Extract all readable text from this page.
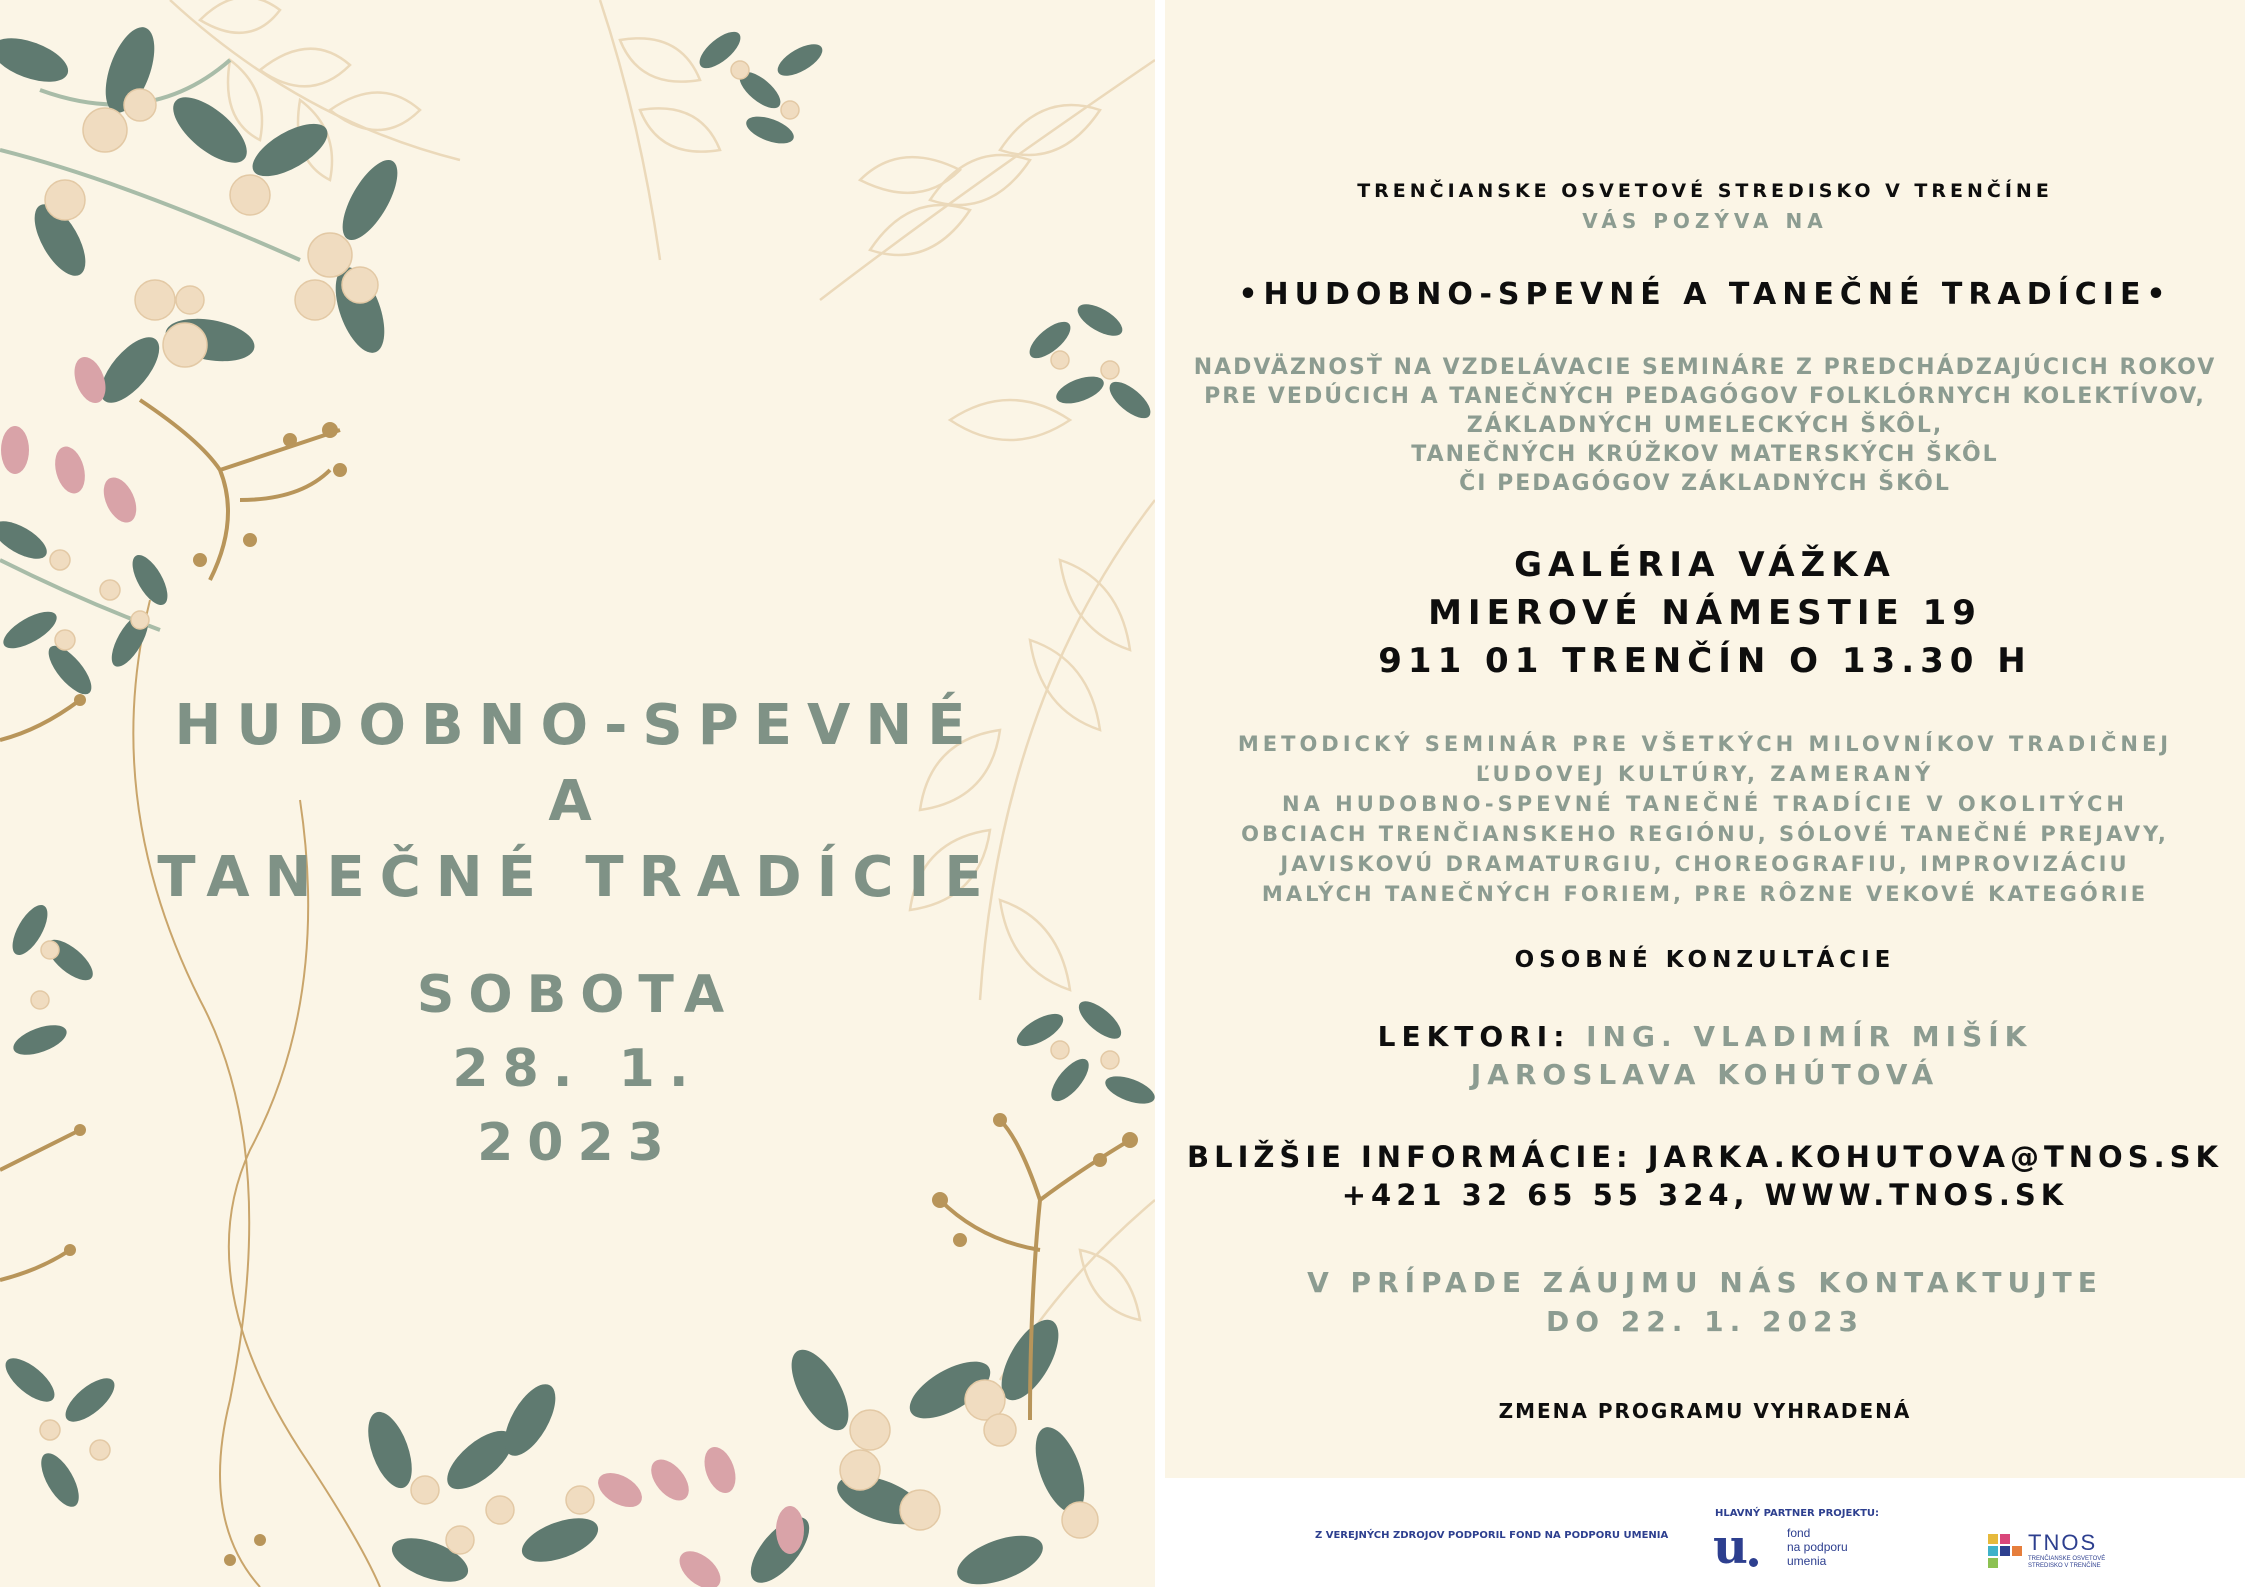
HUDOBNO-SPEVNÉ
A
TANEČNÉ TRADÍCIE
SOBOTA
28. 1.
2023
TRENČIANSKE OSVETOVÉ STREDISKO V TRENČÍNE
VÁS POZÝVA NA
•HUDOBNO-SPEVNÉ A TANEČNÉ TRADÍCIE•
NADVÄZNOSŤ NA VZDELÁVACIE SEMINÁRE Z PREDCHÁDZAJÚCICH ROKOV
PRE VEDÚCICH A TANEČNÝCH PEDAGÓGOV FOLKLÓRNYCH KOLEKTÍVOV,
ZÁKLADNÝCH UMELECKÝCH ŠKÔL,
TANEČNÝCH KRÚŽKOV MATERSKÝCH ŠKÔL
ČI PEDAGÓGOV ZÁKLADNÝCH ŠKÔL
GALÉRIA VÁŽKA
MIEROVÉ NÁMESTIE 19
911 01 TRENČÍN O 13.30 H
METODICKÝ SEMINÁR PRE VŠETKÝCH MILOVNÍKOV TRADIČNEJ
ĽUDOVEJ KULTÚRY, ZAMERANÝ
NA HUDOBNO-SPEVNÉ TANEČNÉ TRADÍCIE V OKOLITÝCH
OBCIACH TRENČIANSKEHO REGIÓNU, SÓLOVÉ TANEČNÉ PREJAVY,
JAVISKOVÚ DRAMATURGIU, CHOREOGRAFIU, IMPROVIZÁCIU
MALÝCH TANEČNÝCH FORIEM, PRE RÔZNE VEKOVÉ KATEGÓRIE
OSOBNÉ KONZULTÁCIE
LEKTORI: ING. VLADIMÍR MIŠÍK
JAROSLAVA KOHÚTOVÁ
BLIŽŠIE INFORMÁCIE: JARKA.KOHUTOVA@TNOS.SK
+421 32 65 55 324, WWW.TNOS.SK
V PRÍPADE ZÁUJMU NÁS KONTAKTUJTE
DO 22. 1. 2023
ZMENA PROGRAMU VYHRADENÁ
Z VEREJNÝCH ZDROJOV PODPORIL FOND NA PODPORU UMENIA
HLAVNÝ PARTNER PROJEKTU:
u	fond
na podporu
umenia
TNOS
TRENČIANSKE OSVETOVÉ
STREDISKO V TRENČÍNE
